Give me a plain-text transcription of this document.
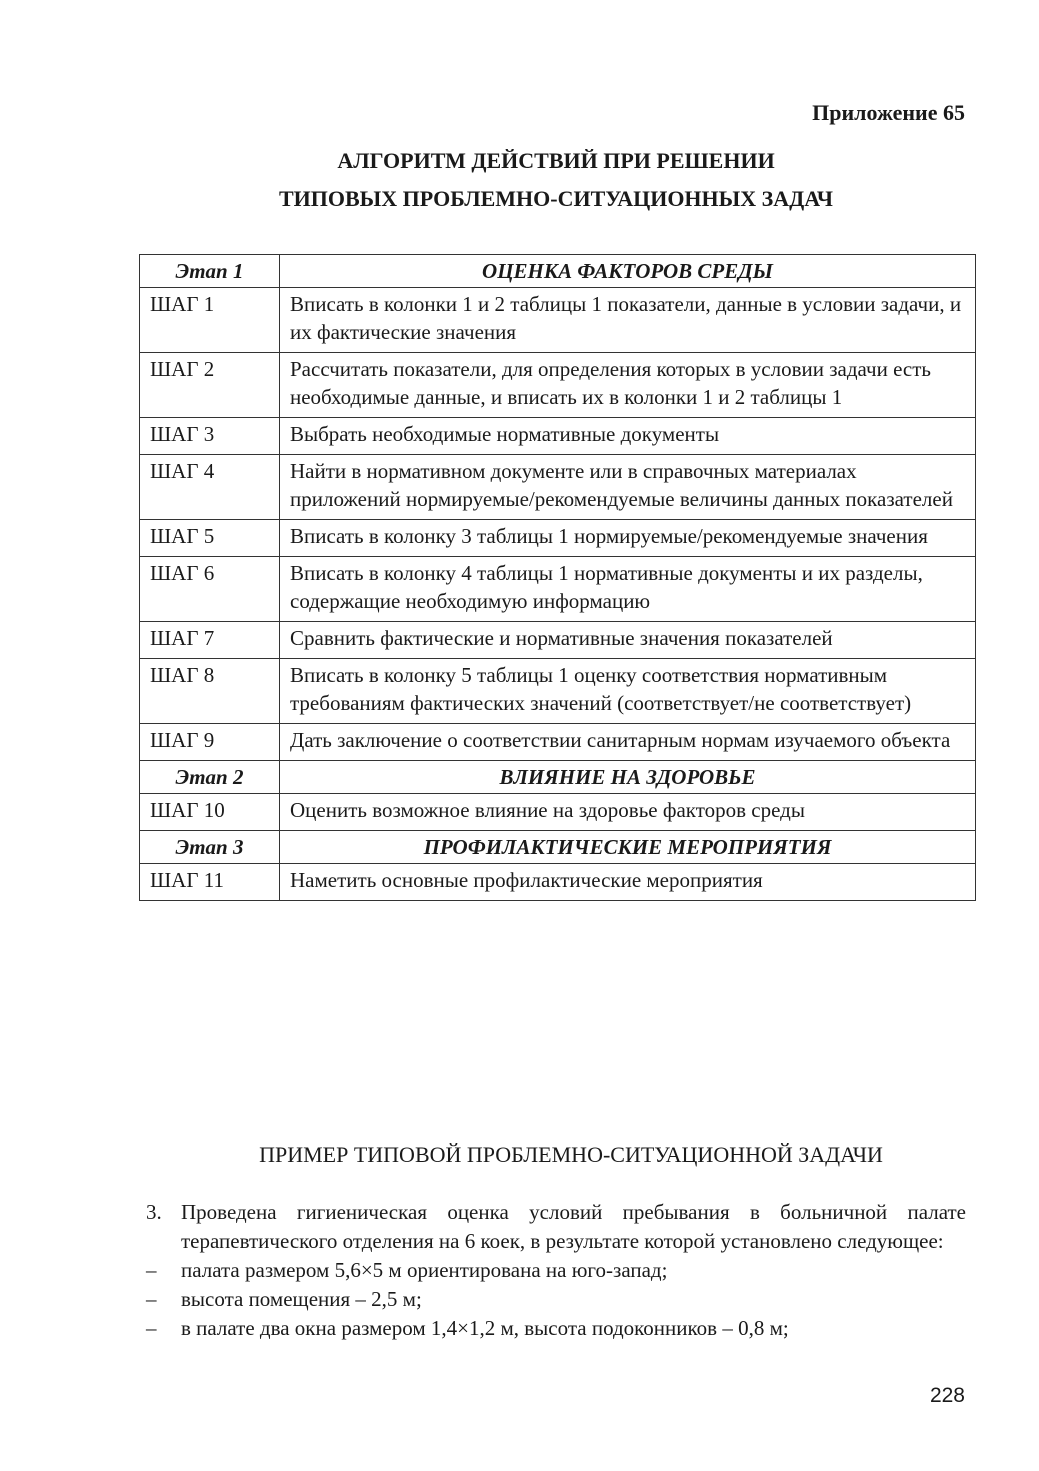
Приложение 65
АЛГОРИТМ ДЕЙСТВИЙ ПРИ РЕШЕНИИ
ТИПОВЫХ ПРОБЛЕМНО-СИТУАЦИОННЫХ ЗАДАЧ
Этап 1	ОЦЕНКА ФАКТОРОВ СРЕДЫ
ШАГ 1	Вписать в колонки 1 и 2 таблицы 1 показатели, данные в условии задачи, и их фактические значения
ШАГ 2	Рассчитать показатели, для определения которых в условии задачи есть необходимые данные, и вписать их в колонки 1 и 2 таблицы 1
ШАГ 3	Выбрать необходимые нормативные документы
ШАГ 4	Найти в нормативном документе или в справочных материалах приложений нормируемые/рекомендуемые величины данных показателей
ШАГ 5	Вписать в колонку 3 таблицы 1 нормируемые/рекомендуемые значения
ШАГ 6	Вписать в колонку 4 таблицы 1 нормативные документы и их разделы, содержащие необходимую информацию
ШАГ 7	Сравнить фактические и нормативные значения показателей
ШАГ 8	Вписать в колонку 5 таблицы 1 оценку соответствия нормативным требованиям фактических значений (соответствует/не соответствует)
ШАГ 9	Дать заключение о соответствии санитарным нормам изучаемого объекта
Этап 2	ВЛИЯНИЕ НА ЗДОРОВЬЕ
ШАГ 10	Оценить возможное влияние на здоровье факторов среды
Этап 3	ПРОФИЛАКТИЧЕСКИЕ МЕРОПРИЯТИЯ
ШАГ 11	Наметить основные профилактические мероприятия
ПРИМЕР ТИПОВОЙ ПРОБЛЕМНО-СИТУАЦИОННОЙ ЗАДАЧИ
3. Проведена гигиеническая оценка условий пребывания в больничной палате терапевтического отделения на 6 коек, в результате которой установлено следующее:
– палата размером 5,6×5 м ориентирована на юго-запад;
– высота помещения – 2,5 м;
– в палате два окна размером 1,4×1,2 м, высота подоконников – 0,8 м;
228
